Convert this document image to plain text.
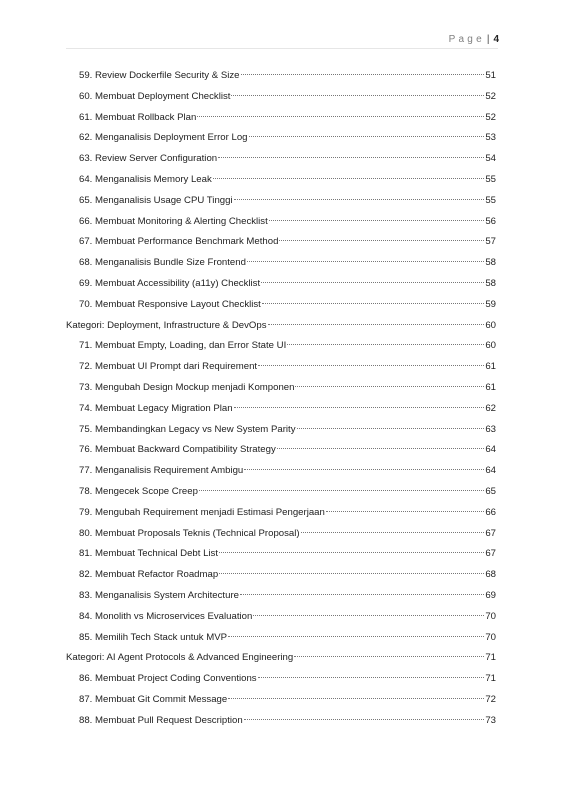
Page | 4
59. Review Dockerfile Security & Size	51
60. Membuat Deployment Checklist	52
61. Membuat Rollback Plan	52
62. Menganalisis Deployment Error Log	53
63. Review Server Configuration	54
64. Menganalisis Memory Leak	55
65. Menganalisis Usage CPU Tinggi	55
66. Membuat Monitoring & Alerting Checklist	56
67. Membuat Performance Benchmark Method	57
68. Menganalisis Bundle Size Frontend	58
69. Membuat Accessibility (a11y) Checklist	58
70. Membuat Responsive Layout Checklist	59
Kategori: Deployment, Infrastructure & DevOps	60
71. Membuat Empty, Loading, dan Error State UI	60
72. Membuat UI Prompt dari Requirement	61
73. Mengubah Design Mockup menjadi Komponen	61
74. Membuat Legacy Migration Plan	62
75. Membandingkan Legacy vs New System Parity	63
76. Membuat Backward Compatibility Strategy	64
77. Menganalisis Requirement Ambigu	64
78. Mengecek Scope Creep	65
79. Mengubah Requirement menjadi Estimasi Pengerjaan	66
80. Membuat Proposals Teknis (Technical Proposal)	67
81. Membuat Technical Debt List	67
82. Membuat Refactor Roadmap	68
83. Menganalisis System Architecture	69
84. Monolith vs Microservices Evaluation	70
85. Memilih Tech Stack untuk MVP	70
Kategori: AI Agent Protocols & Advanced Engineering	71
86. Membuat Project Coding Conventions	71
87. Membuat Git Commit Message	72
88. Membuat Pull Request Description	73
